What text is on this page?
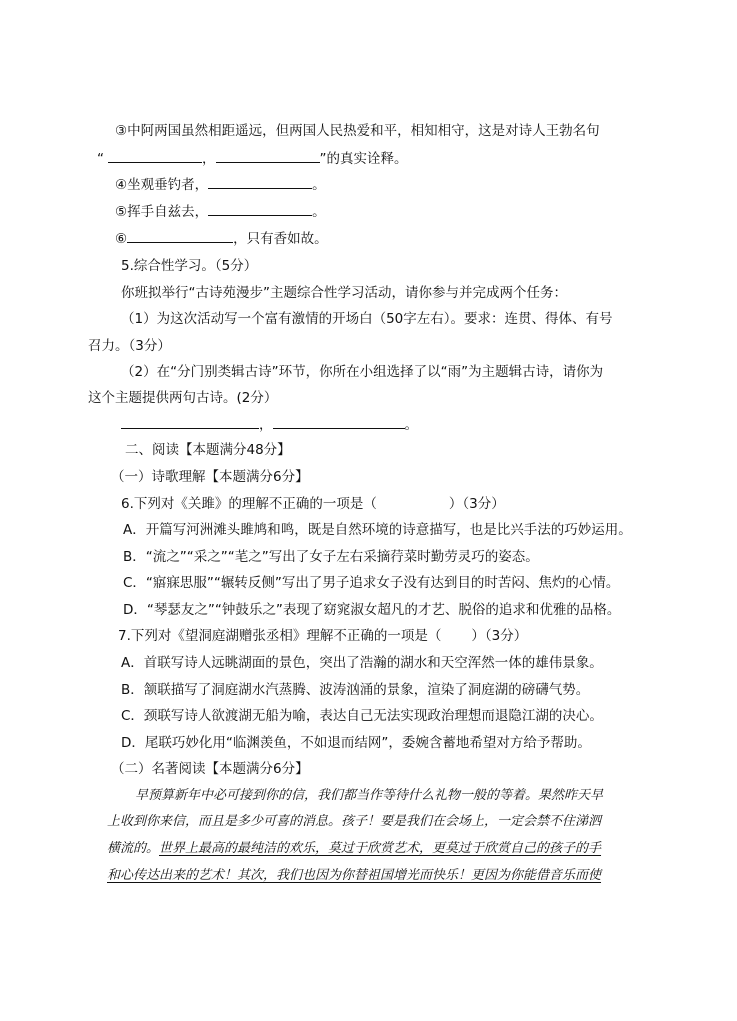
③中阿两国虽然相距遥远，但两国人民热爱和平，相知相守，这是对诗人王勃名句
“	，	”的真实诠释。
④坐观垂钓者，	。
⑤挥手自兹去，	。
⑥	，只有香如故。
5.综合性学习。（5分）
你班拟举行“古诗苑漫步”主题综合性学习活动，请你参与并完成两个任务：
（1）为这次活动写一个富有激情的开场白（50字左右）。要求：连贯、得体、有号
召力。（3分）
（2）在“分门别类辑古诗”环节，你所在小组选择了以“雨”为主题辑古诗，请你为
这个主题提供两句古诗。(2分）
，	。
二、阅读【本题满分48分】
（一）诗歌理解【本题满分6分】
6.下列对《关雎》的理解不正确的一项是（	）（3分）
A．开篇写河洲滩头雎鸠和鸣，既是自然环境的诗意描写，也是比兴手法的巧妙运用。
B．“流之”“采之”“芼之”写出了女子左右采摘荇菜时勤劳灵巧的姿态。
C．“寤寐思服”“辗转反侧”写出了男子追求女子没有达到目的时苦闷、焦灼的心情。
D．“琴瑟友之”“钟鼓乐之”表现了窈窕淑女超凡的才艺、脱俗的追求和优雅的品格。
7.下列对《望洞庭湖赠张丞相》理解不正确的一项是（ ）（3分）
A．首联写诗人远眺湖面的景色，突出了浩瀚的湖水和天空浑然一体的雄伟景象。
B．颔联描写了洞庭湖水汽蒸腾、波涛汹涌的景象，渲染了洞庭湖的磅礴气势。
C．颈联写诗人欲渡湖无船为喻，表达自己无法实现政治理想而退隐江湖的决心。
D．尾联巧妙化用“临渊羡鱼，不如退而结网”，委婉含蓄地希望对方给予帮助。
（二）名著阅读【本题满分6分】
早预算新年中必可接到你的信，我们都当作等待什么礼物一般的等着。果然昨天早
上收到你来信，而且是多少可喜的消息。孩子！要是我们在会场上，一定会禁不住涕泗
横流的。世界上最高的最纯洁的欢乐，莫过于欣赏艺术，更莫过于欣赏自己的孩子的手
和心传达出来的艺术！其次，我们也因为你替祖国增光而快乐！更因为你能借音乐而使
